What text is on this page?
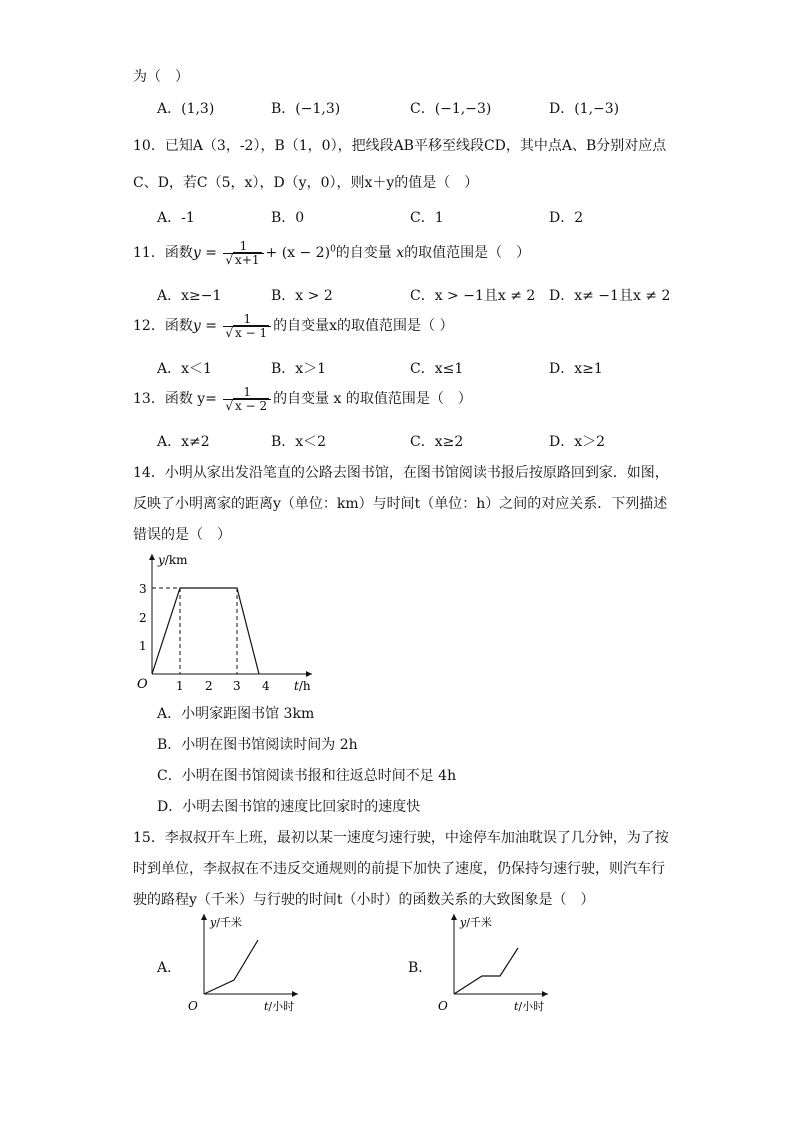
为（　）
A．(1,3)	B．(−1,3)	C．(−1,−3)	D．(1,−3)
10．已知A（3，-2），B（1，0），把线段AB平移至线段CD，其中点A、B分别对应点
C、D，若C（5，x），D（y，0），则x＋y的值是（　）
A．-1	B．0	C．1	D．2
11．函数$y = \frac{1}{√ x+1} + (x - 2)^0$的自变量 x的取值范围是（　）
A．x≥−1	B．x > 2	C．x > −1且x ≠ 2 D．x≠ −1且x ≠ 2
12．函数$y = \frac{1}{√ x - 1}$ 的自变量x的取值范围是（ ）
A．x＜1	B．x＞1	C．x≤1	D．x≥1
13．函数 $y= \frac{1}{√ x - 2}$ 的自变量 x 的取值范围是（　）
A．x≠2	B．x＜2	C．x≥2	D．x＞2
14．小明从家出发沿笔直的公路去图书馆，在图书馆阅读书报后按原路回到家．如图，
反映了小明离家的距离y（单位：km）与时间t（单位：h）之间的对应关系．下列描述
错误的是（　）
y/km
3
2
1
O 1 2 3 4 t/h
A．小明家距图书馆 3km
B．小明在图书馆阅读时间为 2h
C．小明在图书馆阅读书报和往返总时间不足 4h
D．小明去图书馆的速度比回家时的速度快
15．李叔叔开车上班，最初以某一速度匀速行驶，中途停车加油耽误了几分钟，为了按
时到单位，李叔叔在不违反交通规则的前提下加快了速度，仍保持匀速行驶，则汽车行
驶的路程y（千米）与行驶的时间t（小时）的函数关系的大致图象是（　）
A．
y/千米
O	t/小时
B．
y/千米
O	t/小时
